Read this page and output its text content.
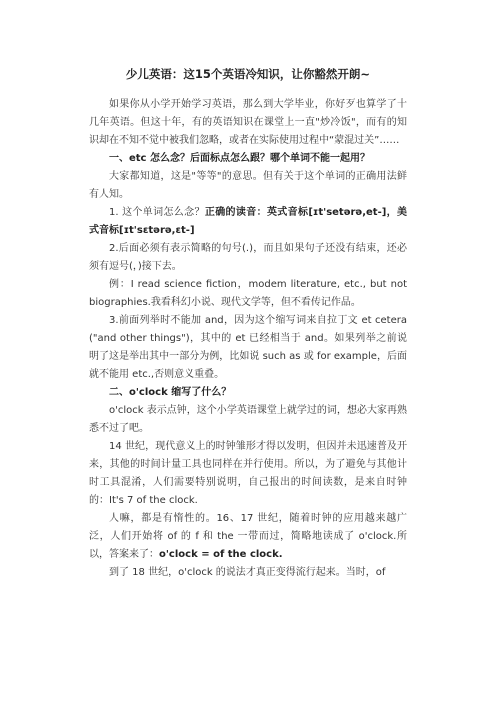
少儿英语：这15个英语冷知识，让你豁然开朗~

如果你从小学开始学习英语，那么到大学毕业，你好歹也算学了十几年英语。但这十年，有的英语知识在课堂上一直"炒冷饭"，而有的知识却在不知不觉中被我们忽略，或者在实际使用过程中“蒙混过关”……

一、etc 怎么念？后面标点怎么跟？哪个单词不能一起用？

大家都知道，这是"等等"的意思。但有关于这个单词的正确用法鲜有人知。

1. 这个单词怎么念？正确的读音：英式音标[ɪt'setərə,et-]，美式音标[ɪt'sɛtərə,ɛt-]

2.后面必须有表示简略的句号(.)，而且如果句子还没有结束，还必须有逗号(，)接下去。

例：I read science fiction，modem literature, etc., but not biographies.我看科幻小说、现代文学等，但不看传记作品。

3.前面列举时不能加 and，因为这个缩写词来自拉丁文 et cetera ("and other things")，其中的 et 已经相当于 and。如果列举之前说明了这是举出其中一部分为例，比如说 such as 或 for example，后面就不能用 etc.,否则意义重叠。

二、o'clock 缩写了什么？

o'clock 表示点钟，这个小学英语课堂上就学过的词，想必大家再熟悉不过了吧。

14 世纪，现代意义上的时钟雏形才得以发明，但因并未迅速普及开来，其他的时间计量工具也同样在并行使用。所以，为了避免与其他计时工具混淆，人们需要特别说明，自己报出的时间读数，是来自时钟的：It's 7 of the clock.

人嘛，都是有惰性的。16、17 世纪，随着时钟的应用越来越广泛，人们开始将 of 的 f 和 the 一带而过，简略地读成了 o'clock.所以，答案来了：o'clock = of the clock.

到了 18 世纪，o'clock 的说法才真正变得流行起来。当时，of
